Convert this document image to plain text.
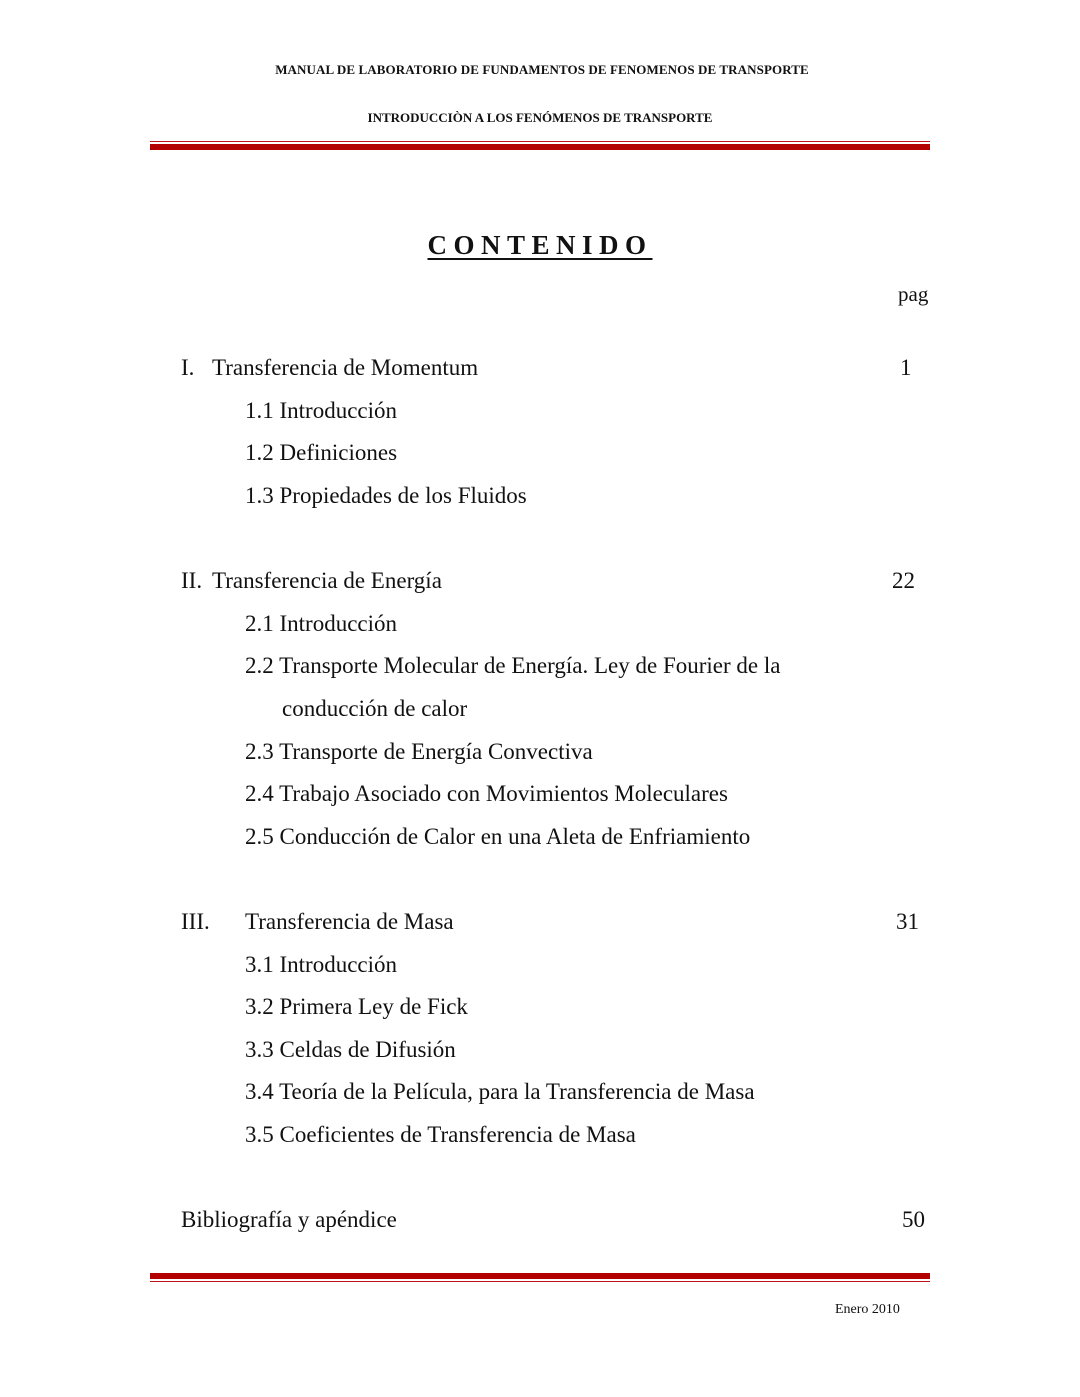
MANUAL DE LABORATORIO DE FUNDAMENTOS DE FENOMENOS DE TRANSPORTE
INTRODUCCIÒN A LOS FENÓMENOS DE TRANSPORTE
CONTENIDO
pag
I. Transferencia de Momentum	1
1.1 Introducción
1.2 Definiciones
1.3 Propiedades de los Fluidos
II. Transferencia de Energía	22
2.1 Introducción
2.2 Transporte Molecular de Energía. Ley de Fourier de la
conducción de calor
2.3 Transporte de Energía Convectiva
2.4 Trabajo Asociado con Movimientos Moleculares
2.5 Conducción de Calor en una Aleta de Enfriamiento
III. Transferencia de Masa	31
3.1 Introducción
3.2 Primera Ley de Fick
3.3 Celdas de Difusión
3.4 Teoría de la Película, para la Transferencia de Masa
3.5 Coeficientes de Transferencia de Masa
Bibliografía y apéndice	50
Enero 2010
